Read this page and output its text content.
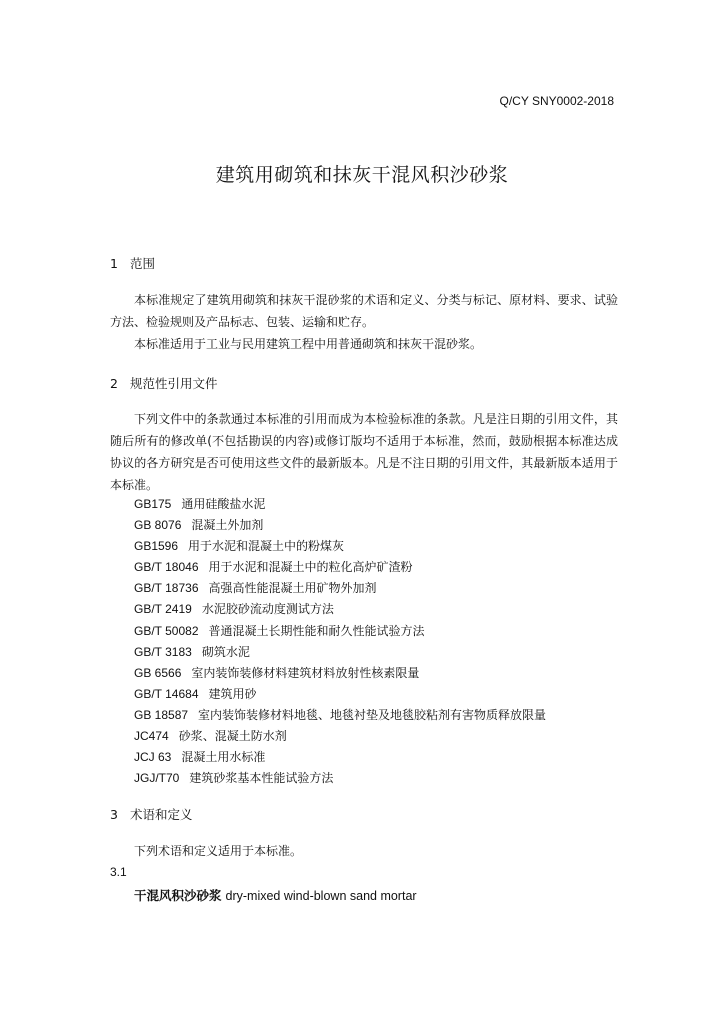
Q/CY SNY0002-2018
建筑用砌筑和抹灰干混风积沙砂浆
1 范围

本标准规定了建筑用砌筑和抹灰干混砂浆的术语和定义、分类与标记、原材料、要求、试验方法、检验规则及产品标志、包装、运输和贮存。

本标准适用于工业与民用建筑工程中用普通砌筑和抹灰干混砂浆。

2 规范性引用文件

下列文件中的条款通过本标准的引用而成为本检验标准的条款。凡是注日期的引用文件，其随后所有的修改单(不包括勘误的内容)或修订版均不适用于本标准，然而，鼓励根据本标准达成协议的各方研究是否可使用这些文件的最新版本。凡是不注日期的引用文件，其最新版本适用于本标准。

GB175 通用硅酸盐水泥
GB 8076 混凝土外加剂
GB1596 用于水泥和混凝土中的粉煤灰
GB/T 18046 用于水泥和混凝土中的粒化高炉矿渣粉
GB/T 18736 高强高性能混凝土用矿物外加剂
GB/T 2419 水泥胶砂流动度测试方法
GB/T 50082 普通混凝土长期性能和耐久性能试验方法
GB/T 3183 砌筑水泥
GB 6566 室内装饰装修材料建筑材料放射性核素限量
GB/T 14684 建筑用砂
GB 18587 室内装饰装修材料地毯、地毯衬垫及地毯胶粘剂有害物质释放限量
JC474 砂浆、混凝土防水剂
JCJ 63 混凝土用水标准
JGJ/T70 建筑砂浆基本性能试验方法
3 术语和定义

下列术语和定义适用于本标准。

3.1
干混风积沙砂浆 dry-mixed wind-blown sand mortar
